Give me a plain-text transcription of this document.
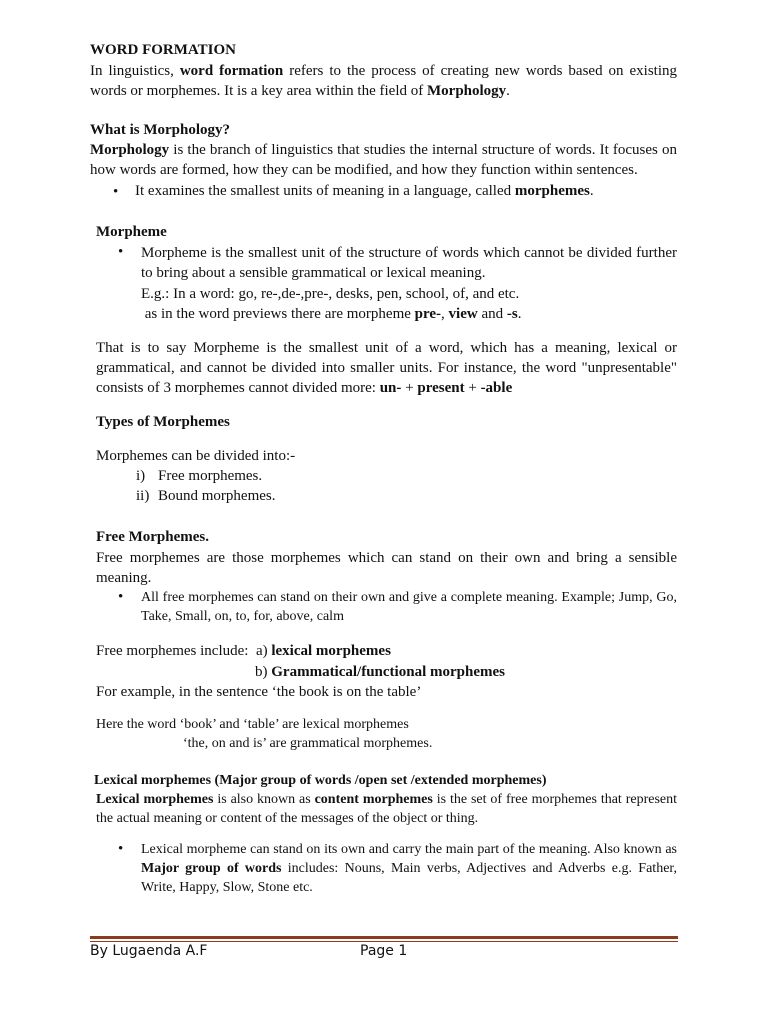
WORD FORMATION
In linguistics, word formation refers to the process of creating new words based on existing words or morphemes. It is a key area within the field of Morphology.
What is Morphology?
Morphology is the branch of linguistics that studies the internal structure of words. It focuses on how words are formed, how they can be modified, and how they function within sentences.
• It examines the smallest units of meaning in a language, called morphemes.
Morpheme
• Morpheme is the smallest unit of the structure of words which cannot be divided further to bring about a sensible grammatical or lexical meaning.
E.g.: In a word: go, re-,de-,pre-, desks, pen, school, of, and etc.
as in the word previews there are morpheme pre-, view and -s.
That is to say Morpheme is the smallest unit of a word, which has a meaning, lexical or grammatical, and cannot be divided into smaller units. For instance, the word "unpresentable" consists of 3 morphemes cannot divided more: un- + present + -able
Types of Morphemes
Morphemes can be divided into:-
i) Free morphemes.
ii) Bound morphemes.
Free Morphemes.
Free morphemes are those morphemes which can stand on their own and bring a sensible meaning.
• All free morphemes can stand on their own and give a complete meaning. Example; Jump, Go, Take, Small, on, to, for, above, calm
Free morphemes include:  a) lexical morphemes
b) Grammatical/functional morphemes
For example, in the sentence ‘the book is on the table’
Here the word ‘book’ and ‘table’ are lexical morphemes
‘the, on and is’ are grammatical morphemes.
Lexical morphemes (Major group of words /open set /extended morphemes)
Lexical morphemes is also known as content morphemes is the set of free morphemes that represent the actual meaning or content of the messages of the object or thing.
• Lexical morpheme can stand on its own and carry the main part of the meaning. Also known as Major group of words includes: Nouns, Main verbs, Adjectives and Adverbs e.g. Father, Write, Happy, Slow, Stone etc.
By Lugaenda A.F	Page 1
